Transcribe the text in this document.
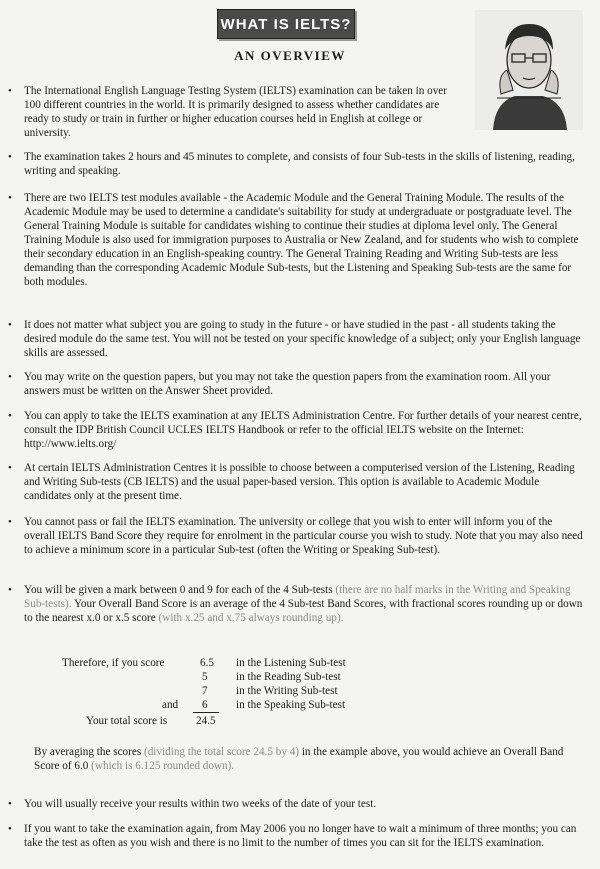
WHAT IS IELTS?
AN OVERVIEW
• The International English Language Testing System (IELTS) examination can be taken in over 100 different countries in the world. It is primarily designed to assess whether candidates are ready to study or train in further or higher education courses held in English at college or university.
• The examination takes 2 hours and 45 minutes to complete, and consists of four Sub-tests in the skills of listening, reading, writing and speaking.
• There are two IELTS test modules available - the Academic Module and the General Training Module. The results of the Academic Module may be used to determine a candidate's suitability for study at undergraduate or postgraduate level. The General Training Module is suitable for candidates wishing to continue their studies at diploma level only. The General Training Module is also used for immigration purposes to Australia or New Zealand, and for students who wish to complete their secondary education in an English-speaking country. The General Training Reading and Writing Sub-tests are less demanding than the corresponding Academic Module Sub-tests, but the Listening and Speaking Sub-tests are the same for both modules.
• It does not matter what subject you are going to study in the future - or have studied in the past - all students taking the desired module do the same test. You will not be tested on your specific knowledge of a subject; only your English language skills are assessed.
• You may write on the question papers, but you may not take the question papers from the examination room. All your answers must be written on the Answer Sheet provided.
• You can apply to take the IELTS examination at any IELTS Administration Centre. For further details of your nearest centre, consult the IDP British Council UCLES IELTS Handbook or refer to the official IELTS website on the Internet: http://www.ielts.org/
• At certain IELTS Administration Centres it is possible to choose between a computerised version of the Listening, Reading and Writing Sub-tests (CB IELTS) and the usual paper-based version. This option is available to Academic Module candidates only at the present time.
• You cannot pass or fail the IELTS examination. The university or college that you wish to enter will inform you of the overall IELTS Band Score they require for enrolment in the particular course you wish to study. Note that you may also need to achieve a minimum score in a particular Sub-test (often the Writing or Speaking Sub-test).
• You will be given a mark between 0 and 9 for each of the 4 Sub-tests (there are no half marks in the Writing and Speaking Sub-tests). Your Overall Band Score is an average of the 4 Sub-test Band Scores, with fractional scores rounding up or down to the nearest x.0 or x.5 score (with x.25 and x.75 always rounding up).
Therefore, if you score
and
Your total score is
6.5
5
7
6
24.5
in the Listening Sub-test
in the Reading Sub-test
in the Writing Sub-test
in the Speaking Sub-test
By averaging the scores (dividing the total score 24.5 by 4) in the example above, you would achieve an Overall Band Score of 6.0 (which is 6.125 rounded down).
• You will usually receive your results within two weeks of the date of your test.
• If you want to take the examination again, from May 2006 you no longer have to wait a minimum of three months; you can take the test as often as you wish and there is no limit to the number of times you can sit for the IELTS examination.
